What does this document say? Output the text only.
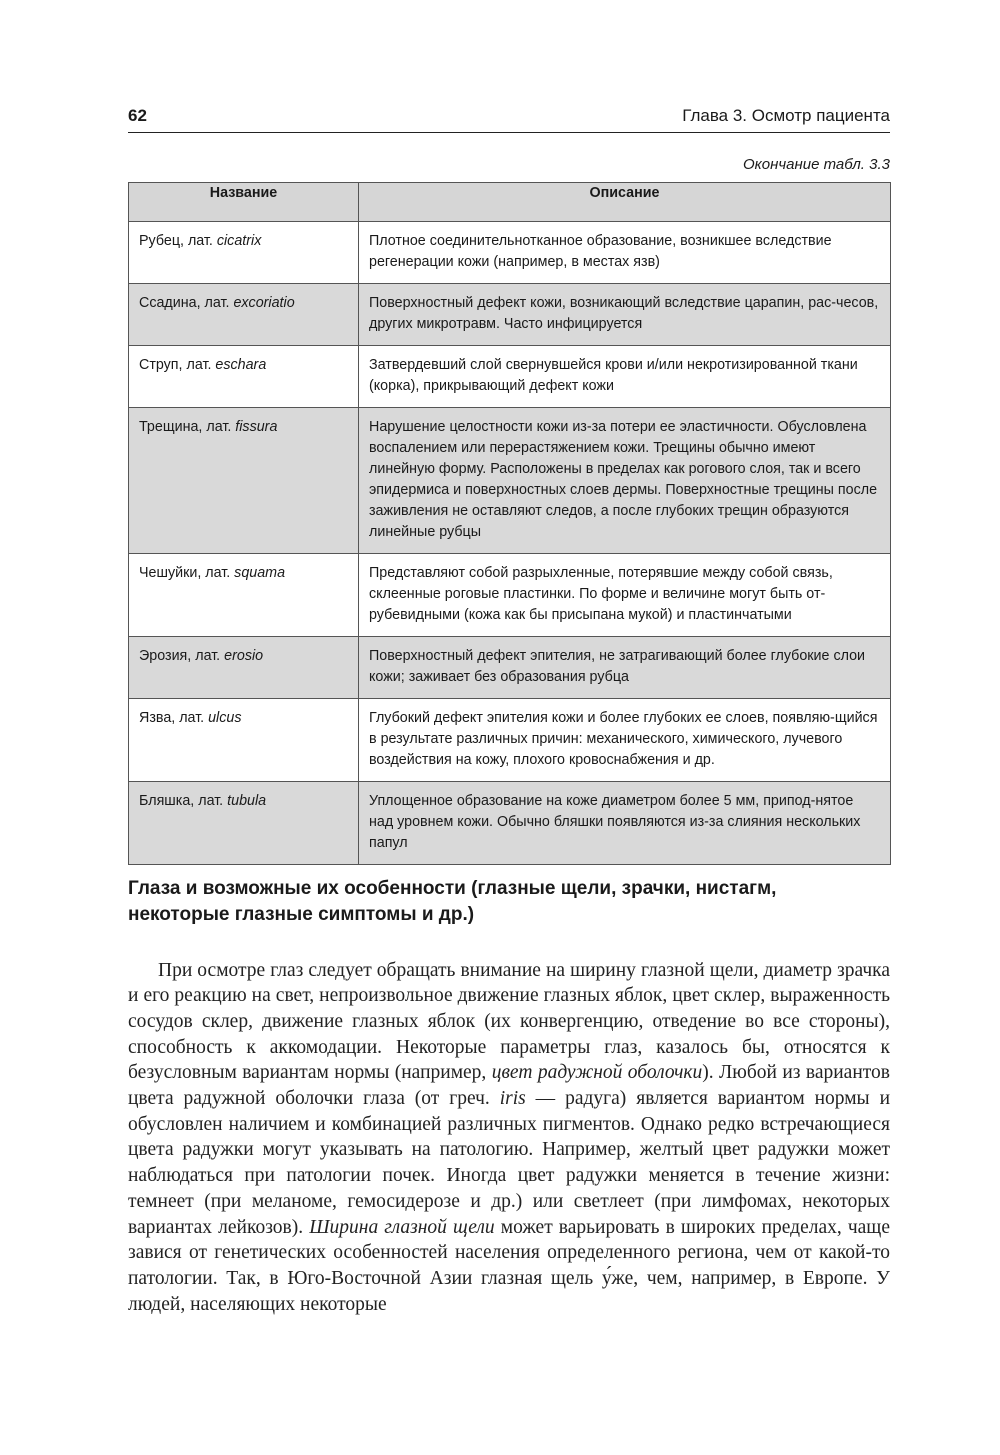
62	Глава 3. Осмотр пациента
Окончание табл. 3.3
Название	Описание
Рубец, лат. cicatrix	Плотное соединительнотканное образование, возникшее вследствие регенерации кожи (например, в местах язв)
Ссадина, лат. excoriatio	Поверхностный дефект кожи, возникающий вследствие царапин, рас-чесов, других микротравм. Часто инфицируется
Струп, лат. eschara	Затвердевший слой свернувшейся крови и/или некротизированной ткани (корка), прикрывающий дефект кожи
Трещина, лат. fissura	Нарушение целостности кожи из-за потери ее эластичности. Обусловлена воспалением или перерастяжением кожи. Трещины обычно имеют линейную форму. Расположены в пределах как рогового слоя, так и всего эпидермиса и поверхностных слоев дермы. Поверхностные трещины после заживления не оставляют следов, а после глубоких трещин образуются линейные рубцы
Чешуйки, лат. squama	Представляют собой разрыхленные, потерявшие между собой связь, склеенные роговые пластинки. По форме и величине могут быть от-рубевидными (кожа как бы присыпана мукой) и пластинчатыми
Эрозия, лат. erosio	Поверхностный дефект эпителия, не затрагивающий более глубокие слои кожи; заживает без образования рубца
Язва, лат. ulcus	Глубокий дефект эпителия кожи и более глубоких ее слоев, появляю-щийся в результате различных причин: механического, химического, лучевого воздействия на кожу, плохого кровоснабжения и др.
Бляшка, лат. tubula	Уплощенное образование на коже диаметром более 5 мм, припод-нятое над уровнем кожи. Обычно бляшки появляются из-за слияния нескольких папул
Глаза и возможные их особенности (глазные щели, зрачки, нистагм, некоторые глазные симптомы и др.)

При осмотре глаз следует обращать внимание на ширину глазной щели, диаметр зрачка и его реакцию на свет, непроизвольное движение глазных яблок, цвет склер, выраженность сосудов склер, движение глазных яблок (их конвергенцию, отведение во все стороны), способность к аккомодации. Некоторые параметры глаз, казалось бы, относятся к безусловным вариантам нормы (например, цвет радужной оболочки). Любой из вариантов цвета радужной оболочки глаза (от греч. iris — радуга) является вариантом нормы и обусловлен наличием и комбинацией различных пигментов. Однако редко встречающиеся цвета радужки могут указывать на патологию. Например, желтый цвет радужки может наблюдаться при патологии почек. Иногда цвет радужки меняется в течение жизни: темнеет (при меланоме, гемосидерозе и др.) или светлеет (при лимфомах, некоторых вариантах лейкозов). Ширина глазной щели может варьировать в широких пределах, чаще завися от генетических особенностей населения определенного региона, чем от какой-то патологии. Так, в Юго-Восточной Азии глазная щель у́же, чем, например, в Европе. У людей, населяющих некоторые
